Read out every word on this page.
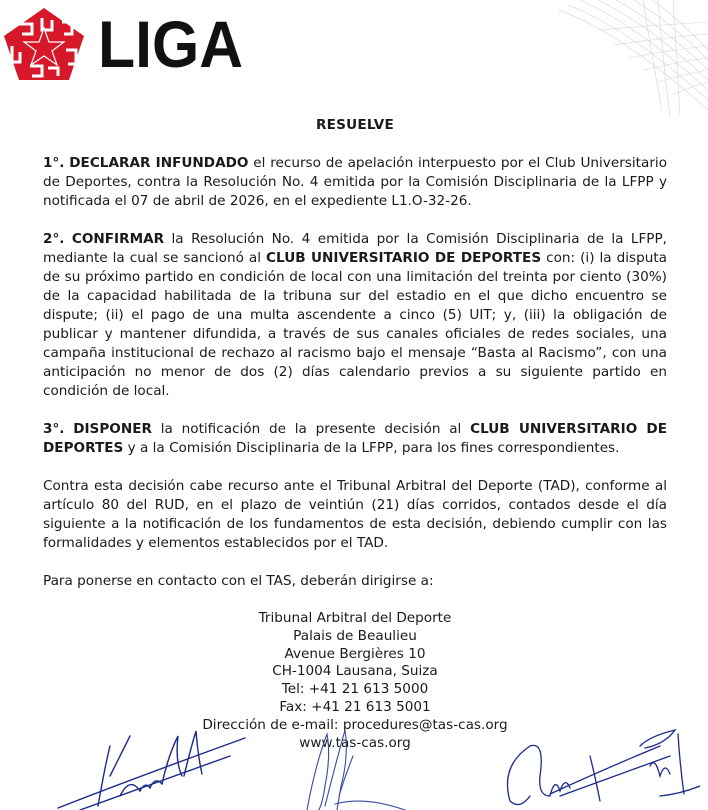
LIGA
RESUELVE

1°. DECLARAR INFUNDADO el recurso de apelación interpuesto por el Club Universitario de Deportes, contra la Resolución No. 4 emitida por la Comisión Disciplinaria de la LFPP y notificada el 07 de abril de 2026, en el expediente L1.O-32-26.

2°. CONFIRMAR la Resolución No. 4 emitida por la Comisión Disciplinaria de la LFPP, mediante la cual se sancionó al CLUB UNIVERSITARIO DE DEPORTES con: (i) la disputa de su próximo partido en condición de local con una limitación del treinta por ciento (30%) de la capacidad habilitada de la tribuna sur del estadio en el que dicho encuentro se dispute; (ii) el pago de una multa ascendente a cinco (5) UIT; y, (iii) la obligación de publicar y mantener difundida, a través de sus canales oficiales de redes sociales, una campaña institucional de rechazo al racismo bajo el mensaje “Basta al Racismo”, con una anticipación no menor de dos (2) días calendario previos a su siguiente partido en condición de local.

3°. DISPONER la notificación de la presente decisión al CLUB UNIVERSITARIO DE DEPORTES y a la Comisión Disciplinaria de la LFPP, para los fines correspondientes.

Contra esta decisión cabe recurso ante el Tribunal Arbitral del Deporte (TAD), conforme al artículo 80 del RUD, en el plazo de veintiún (21) días corridos, contados desde el día siguiente a la notificación de los fundamentos de esta decisión, debiendo cumplir con las formalidades y elementos establecidos por el TAD.

Para ponerse en contacto con el TAS, deberán dirigirse a:

Tribunal Arbitral del Deporte
Palais de Beaulieu
Avenue Bergières 10
CH-1004 Lausana, Suiza
Tel: +41 21 613 5000
Fax: +41 21 613 5001
Dirección de e-mail: procedures@tas-cas.org
www.tas-cas.org
